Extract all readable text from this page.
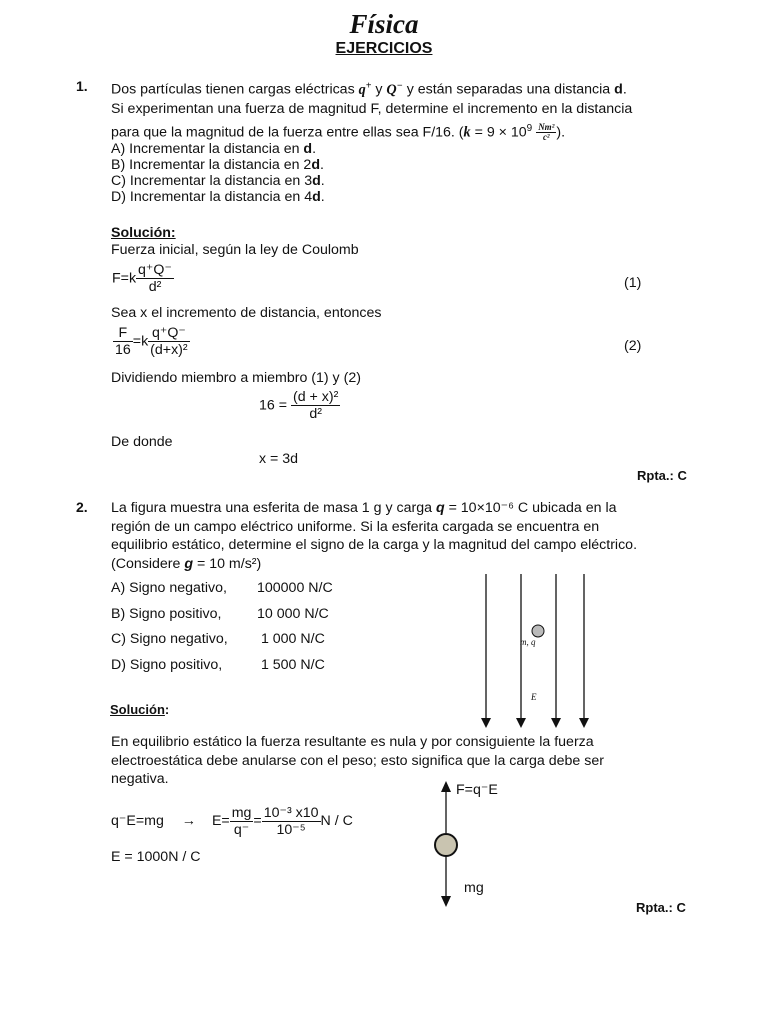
Física
EJERCICIOS
1. Dos partículas tienen cargas eléctricas q+ y Q− y están separadas una distancia d.
Si experimentan una fuerza de magnitud F, determine el incremento en la distancia
para que la magnitud de la fuerza entre ellas sea F/16. ($k = 9 \times 10^9 \frac{\text{Nm²}}{\text{c²}}$ ).
A) Incrementar la distancia en d.
B) Incrementar la distancia en 2d.
C) Incrementar la distancia en 3d.
D) Incrementar la distancia en 4d.
Solución:
Fuerza inicial, según la ley de Coulomb
$F=k \frac{q^+Q^-}{\text{d²}}$	(1)
Sea x el incremento de distancia, entonces
$\frac{F}{16} =k \frac{q^+Q^-}{\text{(d+x)²}}$	(2)
Dividiendo miembro a miembro (1) y (2)
$16 = \frac{\text{(d + x)²}}{\text{d²}}$
De donde
x = 3d
Rpta.: C
2. La figura muestra una esferita de masa 1 g y carga q = 10×10⁻⁶ C ubicada en la
región de un campo eléctrico uniforme. Si la esferita cargada se encuentra en
equilibrio estático, determine el signo de la carga y la magnitud del campo eléctrico.
(Considere g = 10 m/s²)
A) Signo negativo, 100000 N/C
B) Signo positivo,	10 000 N/C
C) Signo negativo, 1 000 N/C
D) Signo positivo, 1 500 N/C
m, q
E
Solución:
En equilibrio estático la fuerza resultante es nula y por consiguiente la fuerza
electroestática debe anularse con el peso; esto significa que la carga debe ser
negativa.
$q^-E=mg \to E= \frac{mg}{q^-} = \frac{\text{10⁻³ x10}}{\text{10⁻⁵}}$ N / C
E = 1000N / C
F=q⁻E
mg
Rpta.: C
